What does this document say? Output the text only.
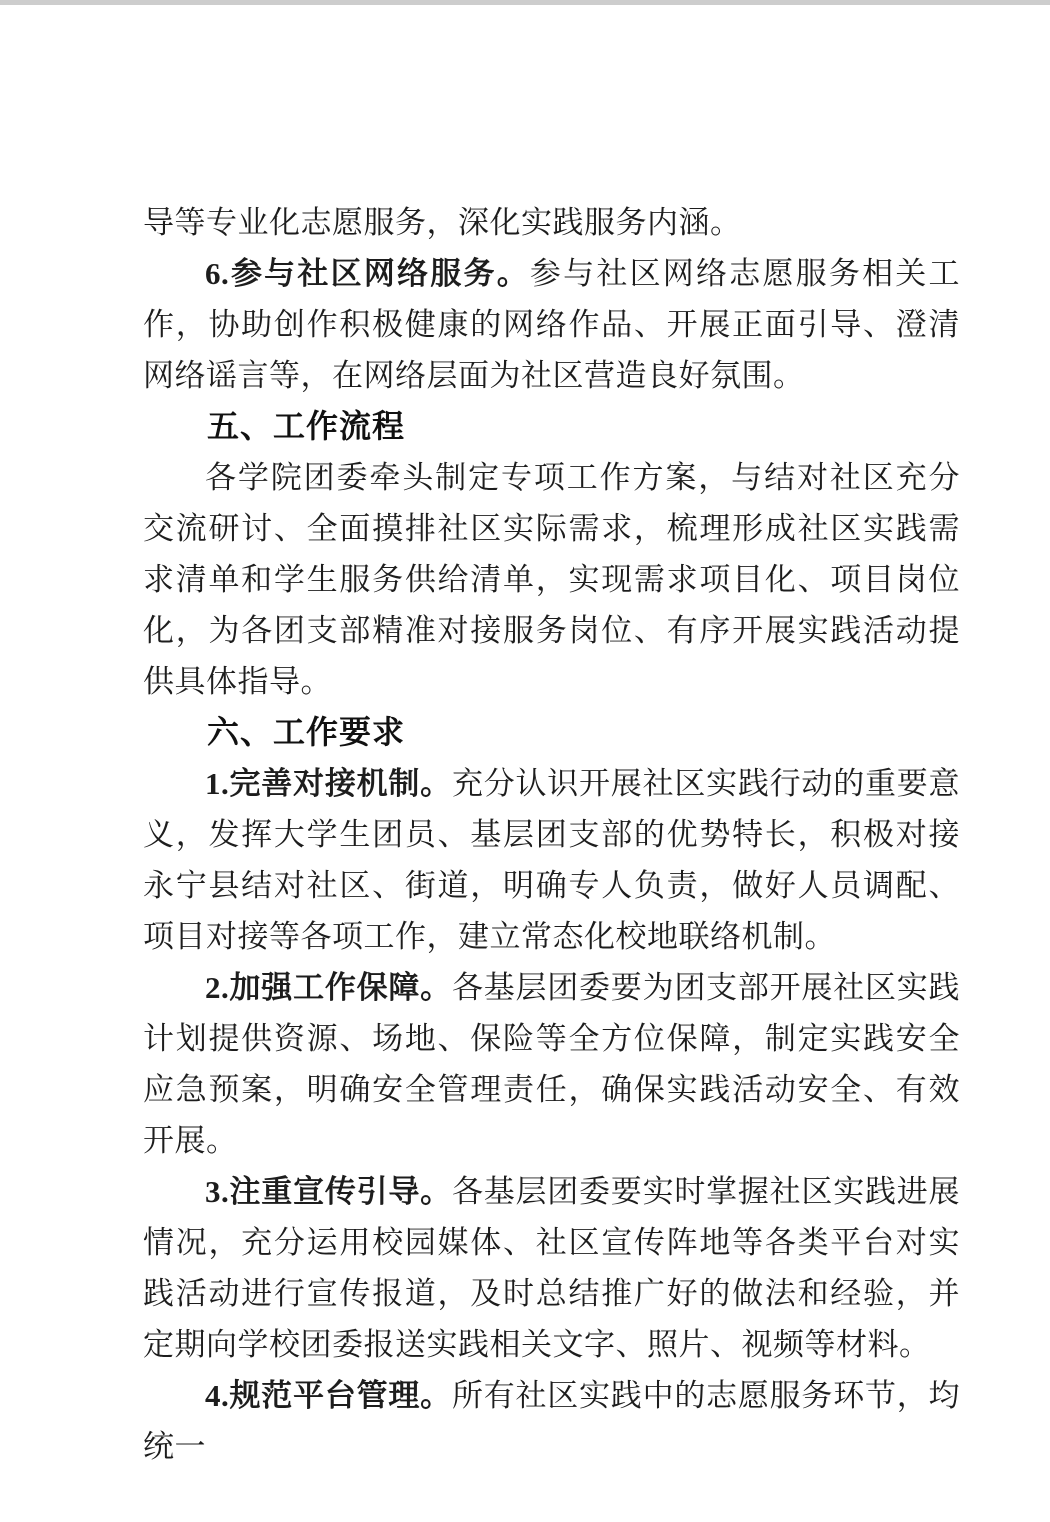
导等专业化志愿服务，深化实践服务内涵。

6.参与社区网络服务。参与社区网络志愿服务相关工作，协助创作积极健康的网络作品、开展正面引导、澄清网络谣言等，在网络层面为社区营造良好氛围。

五、工作流程

各学院团委牵头制定专项工作方案，与结对社区充分交流研讨、全面摸排社区实际需求，梳理形成社区实践需求清单和学生服务供给清单，实现需求项目化、项目岗位化，为各团支部精准对接服务岗位、有序开展实践活动提供具体指导。

六、工作要求

1.完善对接机制。充分认识开展社区实践行动的重要意义，发挥大学生团员、基层团支部的优势特长，积极对接永宁县结对社区、街道，明确专人负责，做好人员调配、项目对接等各项工作，建立常态化校地联络机制。

2.加强工作保障。各基层团委要为团支部开展社区实践计划提供资源、场地、保险等全方位保障，制定实践安全应急预案，明确安全管理责任，确保实践活动安全、有效开展。

3.注重宣传引导。各基层团委要实时掌握社区实践进展情况，充分运用校园媒体、社区宣传阵地等各类平台对实践活动进行宣传报道，及时总结推广好的做法和经验，并定期向学校团委报送实践相关文字、照片、视频等材料。

4.规范平台管理。所有社区实践中的志愿服务环节，均统一
